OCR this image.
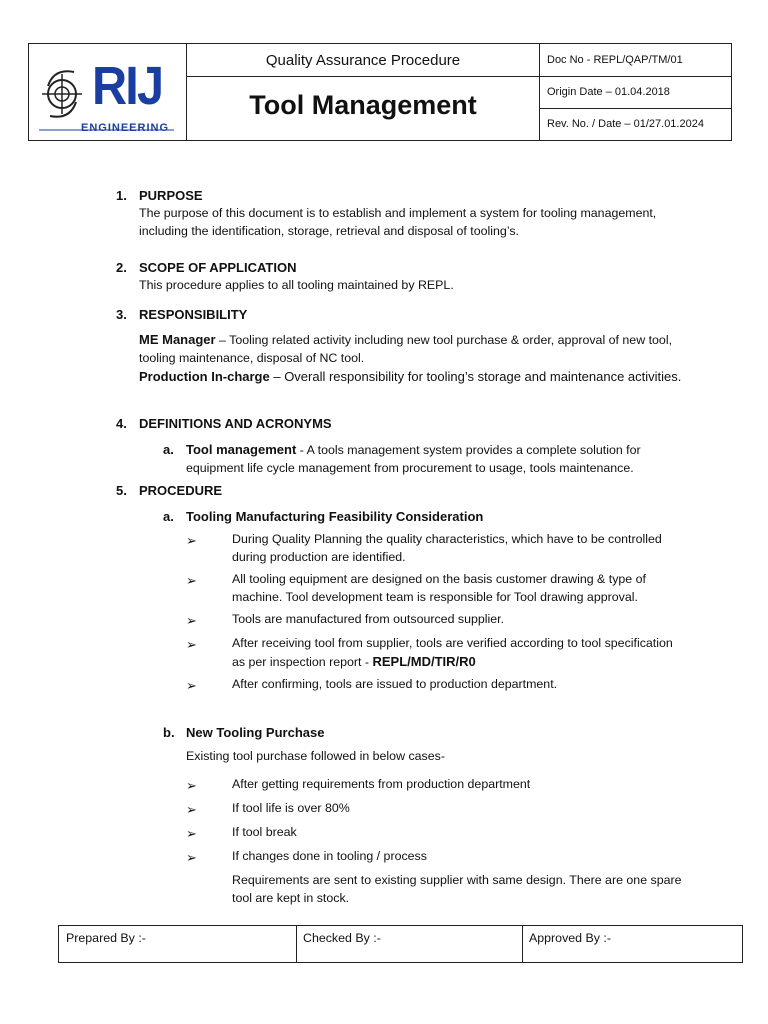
RIJ
ENGINEERING
Quality Assurance Procedure
Tool Management
Doc No - REPL/QAP/TM/01
Origin Date – 01.04.2018
Rev. No. / Date – 01/27.01.2024
1. PURPOSE
The purpose of this document is to establish and implement a system for tooling management, including the identification, storage, retrieval and disposal of tooling’s.
2. SCOPE OF APPLICATION
This procedure applies to all tooling maintained by REPL.
3. RESPONSIBILITY
ME Manager – Tooling related activity including new tool purchase & order, approval of new tool, tooling maintenance, disposal of NC tool.
Production In-charge – Overall responsibility for tooling’s storage and maintenance activities.
4. DEFINITIONS AND ACRONYMS
a. Tool management - A tools management system provides a complete solution for equipment life cycle management from procurement to usage, tools maintenance.
5. PROCEDURE
a. Tooling Manufacturing Feasibility Consideration
➢	During Quality Planning the quality characteristics, which have to be controlled during production are identified.
➢	All tooling equipment are designed on the basis customer drawing & type of machine. Tool development team is responsible for Tool drawing approval.
➢	Tools are manufactured from outsourced supplier.
➢	After receiving tool from supplier, tools are verified according to tool specification as per inspection report - REPL/MD/TIR/R0
➢	After confirming, tools are issued to production department.
b. New Tooling Purchase
Existing tool purchase followed in below cases-
➢	After getting requirements from production department
➢	If tool life is over 80%
➢	If tool break
➢	If changes done in tooling / process
Requirements are sent to existing supplier with same design. There are one spare tool are kept in stock.
Prepared By :-	Checked By :-	Approved By :-
